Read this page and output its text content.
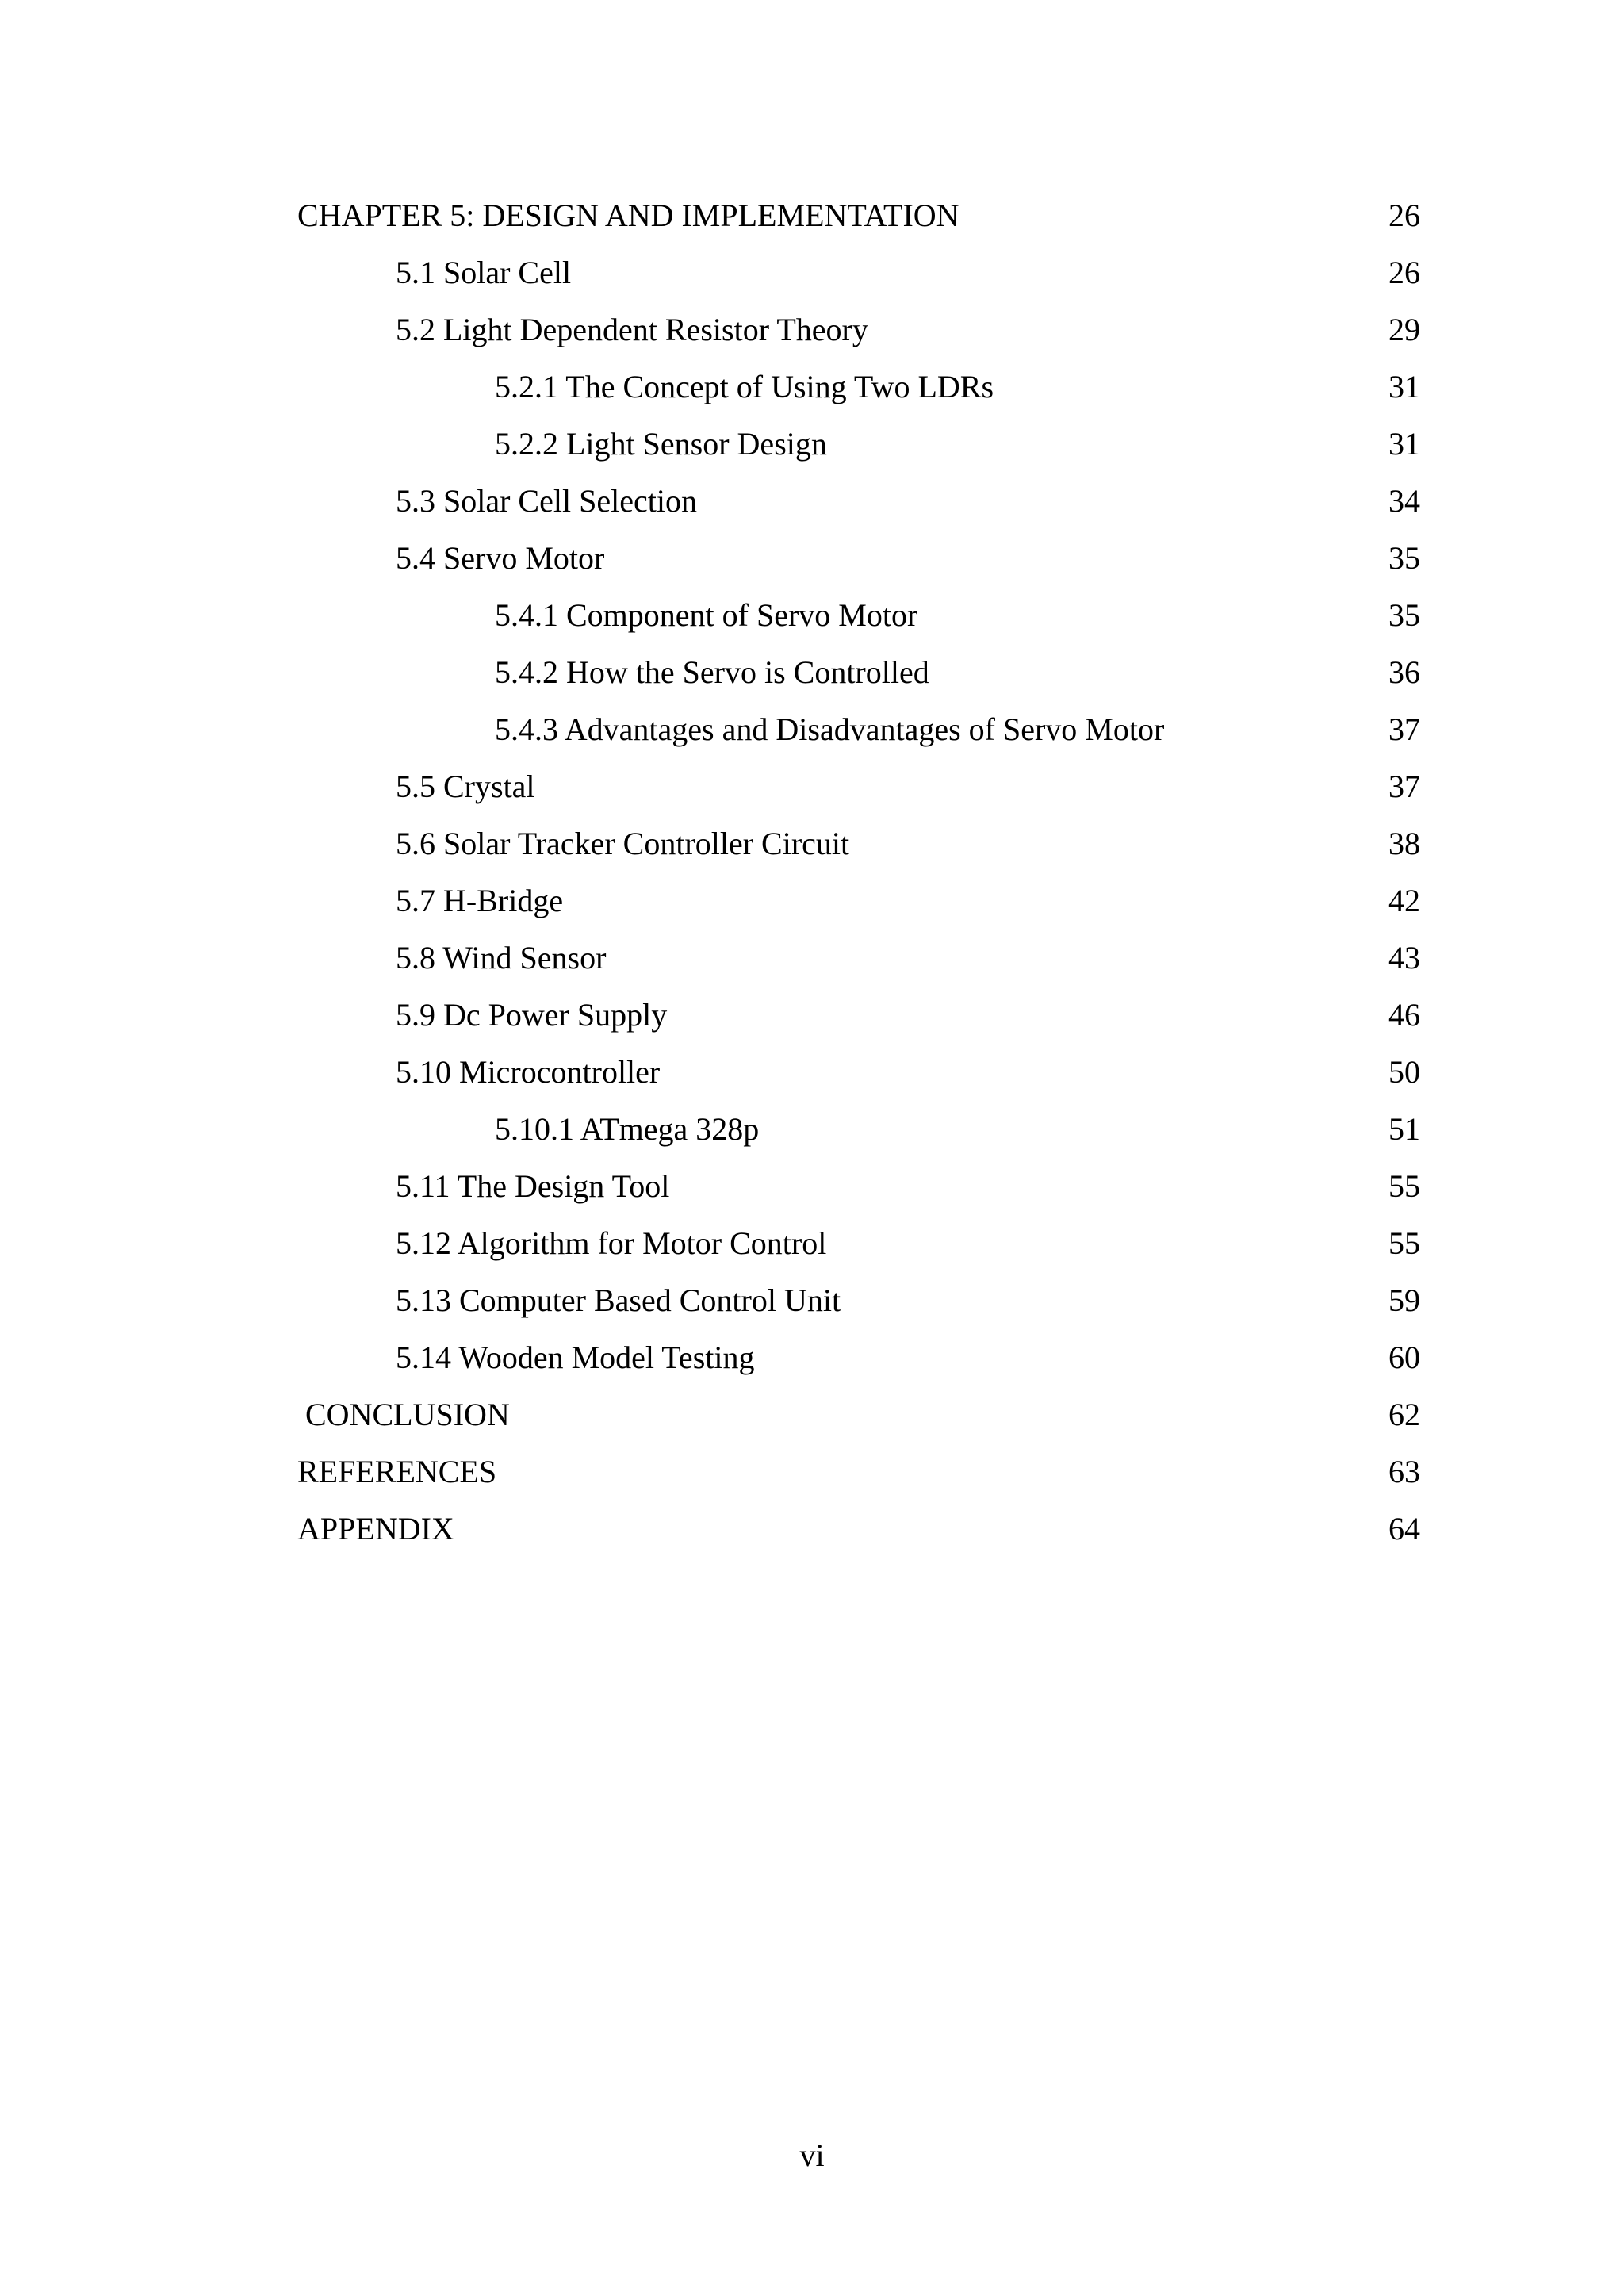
CHAPTER 5: DESIGN AND IMPLEMENTATION	26
5.1 Solar Cell	26
5.2 Light Dependent Resistor Theory	29
5.2.1 The Concept of Using Two LDRs	31
5.2.2 Light Sensor Design	31
5.3 Solar Cell Selection	34
5.4 Servo Motor	35
5.4.1 Component of Servo Motor	35
5.4.2 How the Servo is Controlled	36
5.4.3 Advantages and Disadvantages of Servo Motor	37
5.5 Crystal	37
5.6 Solar Tracker Controller Circuit	38
5.7 H-Bridge	42
5.8 Wind Sensor	43
5.9 Dc Power Supply	46
5.10 Microcontroller	50
5.10.1 ATmega 328p	51
5.11 The Design Tool	55
5.12 Algorithm for Motor Control	55
5.13 Computer Based Control Unit	59
5.14 Wooden Model Testing	60
CONCLUSION	62
REFERENCES	63
APPENDIX	64
vi
